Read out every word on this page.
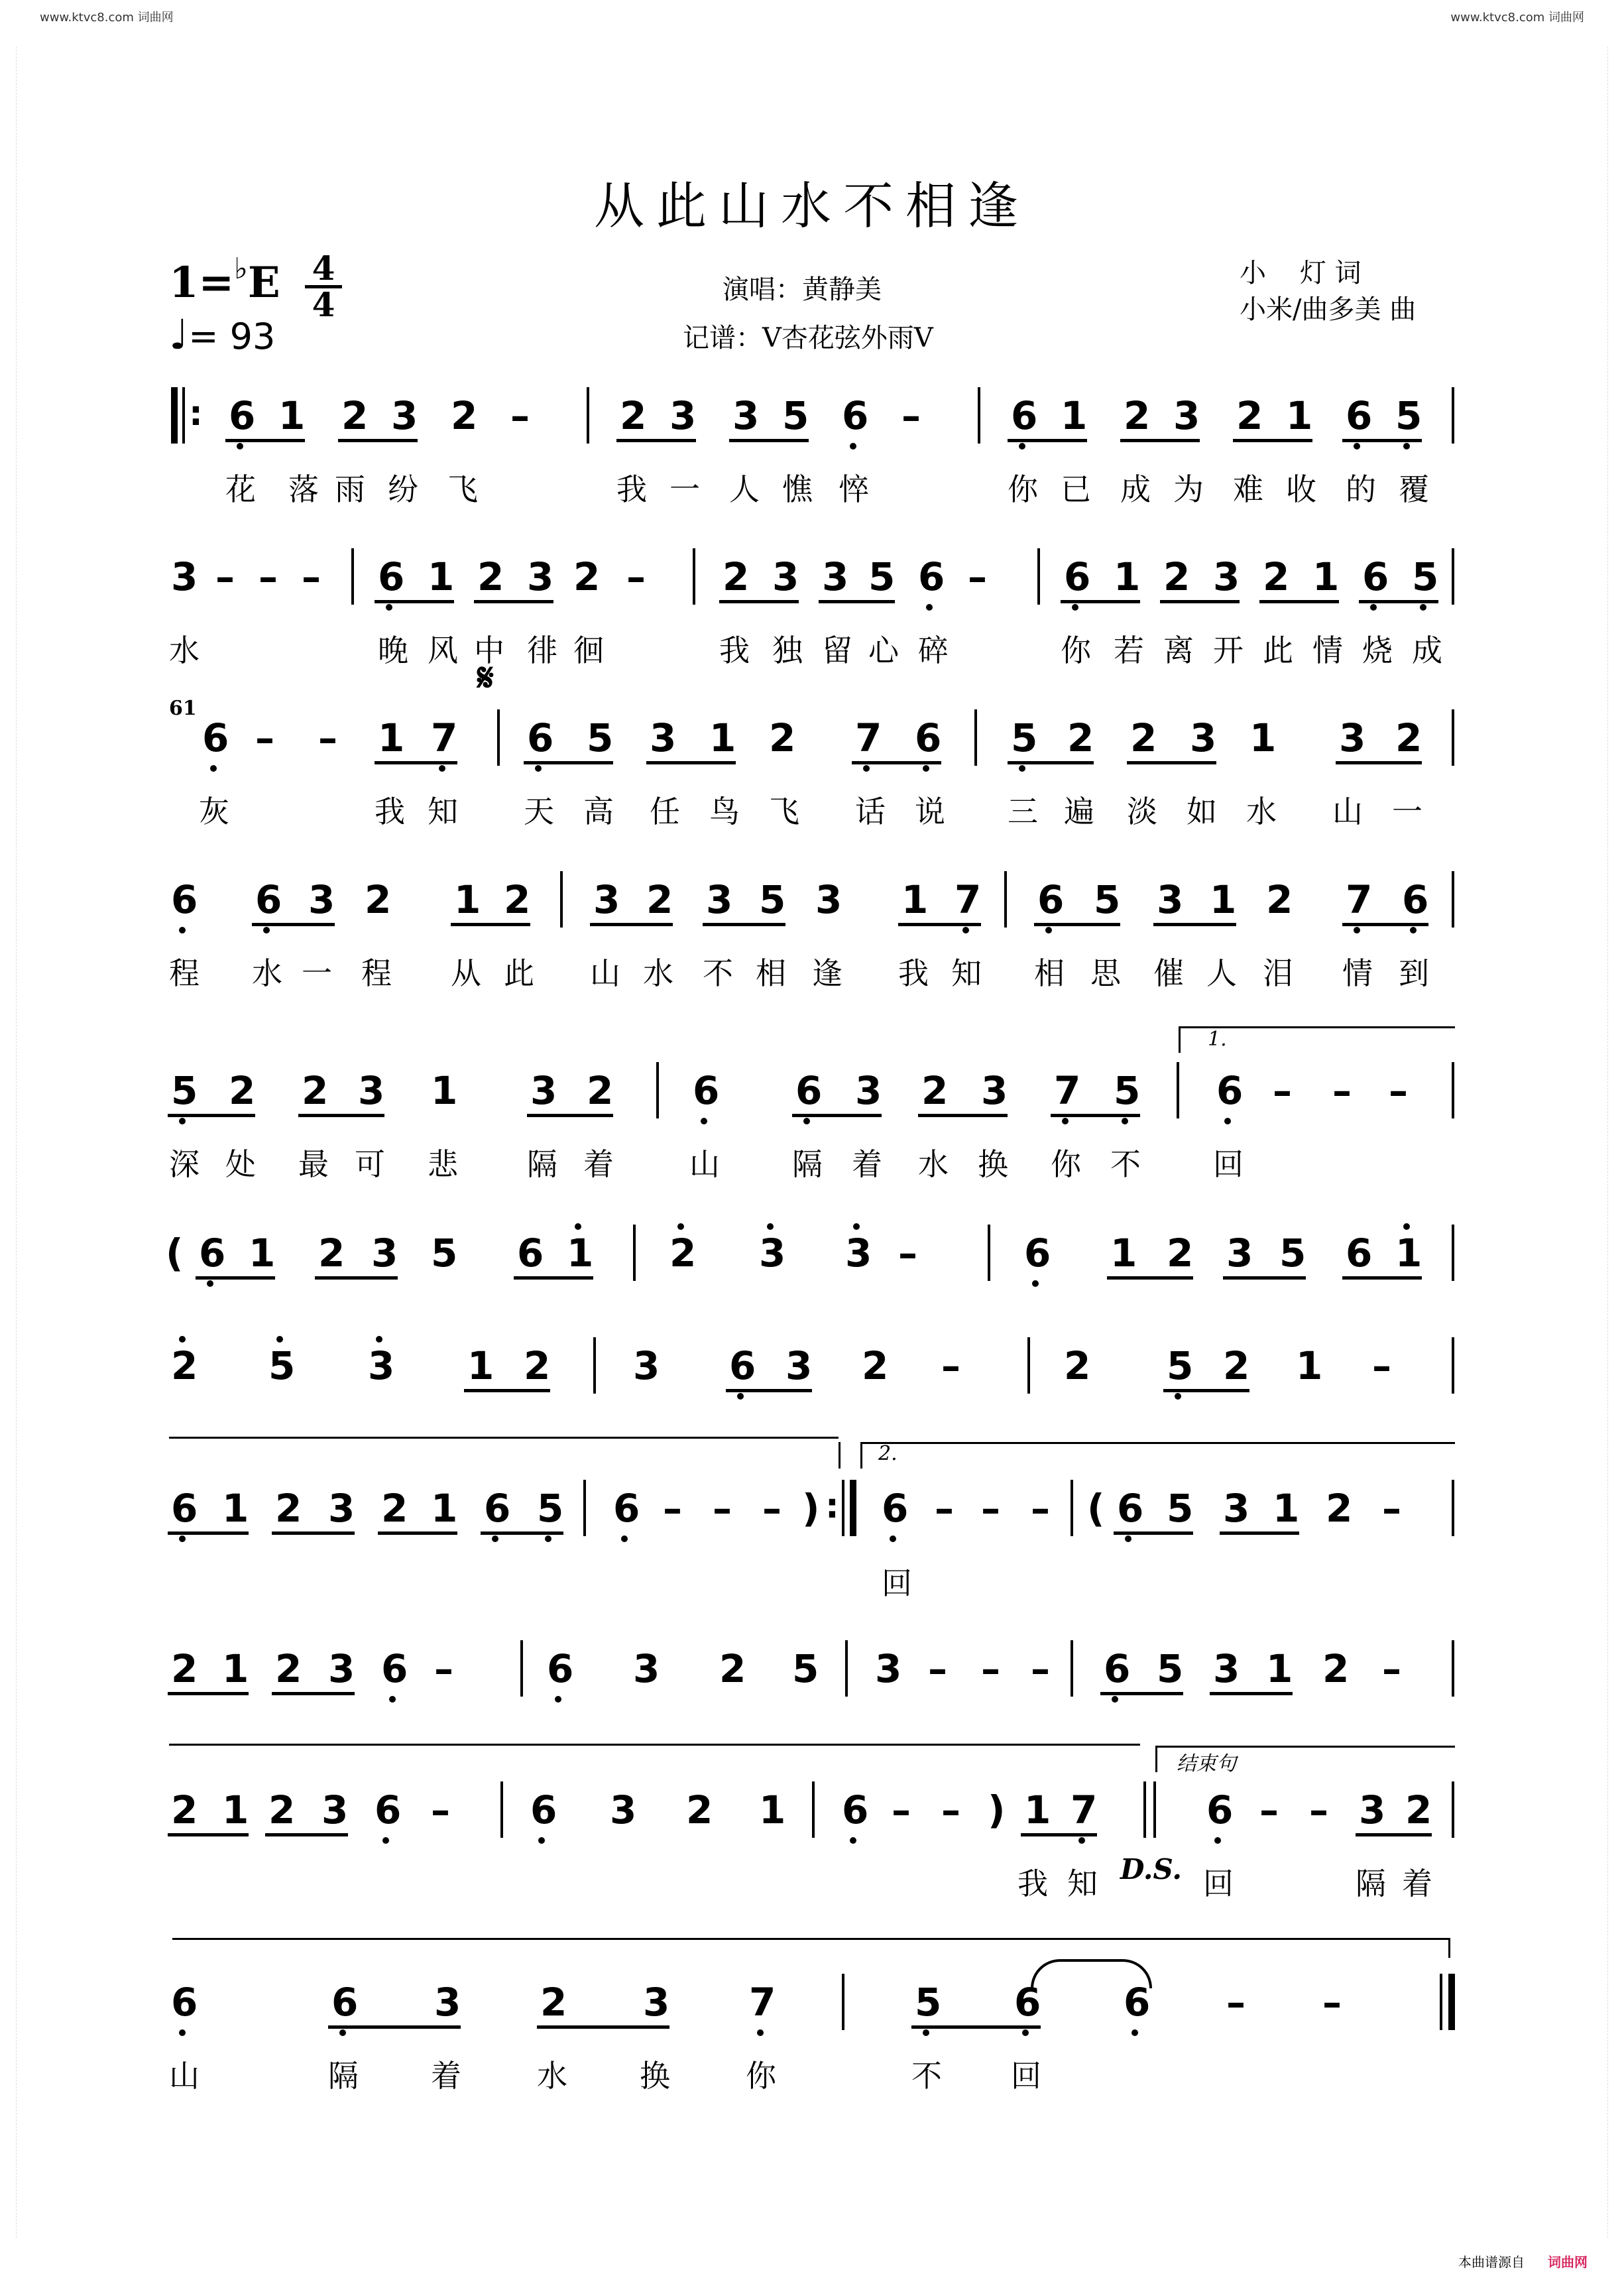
www.ktvc8.com 词曲网	www.ktvc8.com 词曲网
从此山水不相逢
1=♭E 4
4
♩= 93
演唱：黄静美
记谱：V杏花弦外雨V
小    灯 词
小米/曲多美 曲
6 1 2 3 2 – 2 3 3 5 6 – 6 1 2 3 2 1 6 5
:
3 – – – 6 1 2 3 2 – 2 3 3 5 6 – 6 1 2 3 2 1 6 5
6 – – 1 7 6 5 3 1 2 7 6 5 2 2 3 1 3 2
6 6 3 2 1 2 3 2 3 5 3 1 7 6 5 3 1 2 7 6
5 2 2 3 1 3 2 6 6 3 2 3 7 5 6 – – –
( 6 1 2 3 5 6 1 2 3 3 –	6 1 2 3 5 6 1
2 5 3 1 2 3 6 3 2 –	2 5 2 1 –
6 1 2 3 2 1 6 5 6 – – – ) 6 – – – ( 6 5 3 1 2 –
:
2 1 2 3 6 – 6 3 2 5 3 – – – 6 5 3 1 2 –
2 1 2 3 6 – 6 3 2 1 6 – – ) 1 7	6 – – 3 2
6	6 3 2 3 7	5 6 6 – –
花 落 雨 纷 飞	我 一 人 憔 悴	你 已 成 为 难 收 的 覆
水	晚 风 中 徘 徊	我 独 留 心 碎	你 若 离 开 此 情 烧 成
灰	我 知 天 高 任 鸟 飞 话 说 三 遍 淡 如 水 山 一
程 水 一 程 从 此 山 水 不 相 逢 我 知 相 思 催 人 泪 情 到
深 处 最 可 悲 隔 着 山 隔 着 水 换 你 不 回
回
我 知	回	隔 着
山	隔 着 水 换 你	不 回
61
𝄋
1.
2.
结束句
D.S.
本曲谱源自 词曲网
